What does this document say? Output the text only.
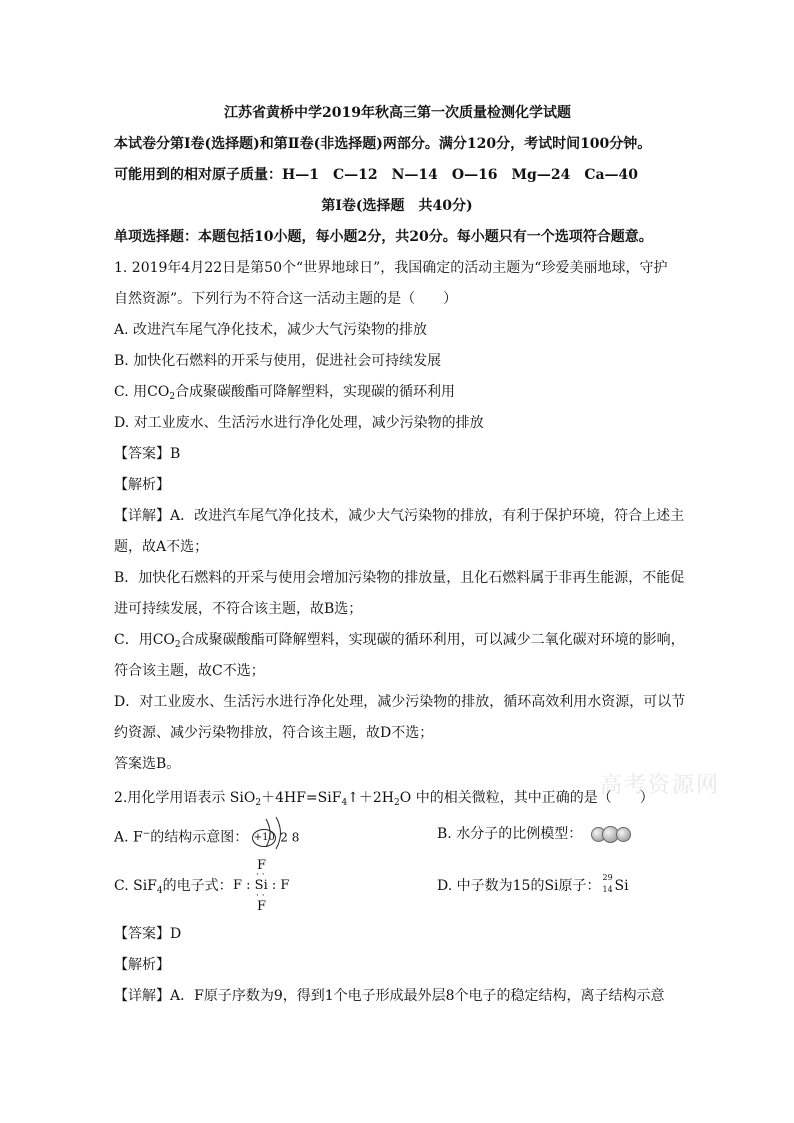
高考资源网
江苏省黄桥中学2019年秋高三第一次质量检测化学试题
本试卷分第Ⅰ卷(选择题)和第Ⅱ卷(非选择题)两部分。满分120分，考试时间100分钟。
可能用到的相对原子质量：H—1　C—12　N—14　O—16　Mg—24　Ca—40
第Ⅰ卷(选择题　共40分)
单项选择题：本题包括10小题，每小题2分，共20分。每小题只有一个选项符合题意。
1. 2019年4月22日是第50个“世界地球日”，我国确定的活动主题为“珍爱美丽地球，守护
自然资源”。下列行为不符合这一活动主题的是（　　）
A. 改进汽车尾气净化技术，减少大气污染物的排放
B. 加快化石燃料的开采与使用，促进社会可持续发展
C. 用$CO_2$合成聚碳酸酯可降解塑料，实现碳的循环利用
D. 对工业废水、生活污水进行净化处理，减少污染物的排放
【答案】B
【解析】
【详解】A．改进汽车尾气净化技术，减少大气污染物的排放，有利于保护环境，符合上述主
题，故A不选；
B．加快化石燃料的开采与使用会增加污染物的排放量，且化石燃料属于非再生能源，不能促
进可持续发展，不符合该主题，故B选；
C．用$CO_2$合成聚碳酸酯可降解塑料，实现碳的循环利用，可以减少二氧化碳对环境的影响，
符合该主题，故C不选；
D．对工业废水、生活污水进行净化处理，减少污染物的排放，循环高效利用水资源，可以节
约资源、减少污染物排放，符合该主题，故D不选；
答案选B。
2.用化学用语表示 $SiO_2+4HF=SiF_4↑+2H_2O$ 中的相关微粒，其中正确的是（　　）
A. F−的结构示意图： +10 2 8	B. 水分子的比例模型：
F
C. SiF$_4$的电子式： F : Si : F
· ·
· ·
F
D. 中子数为15的Si原子：
29
14 Si
【答案】D
【解析】
【详解】A．F原子序数为9，得到1个电子形成最外层8个电子的稳定结构，离子结构示意
